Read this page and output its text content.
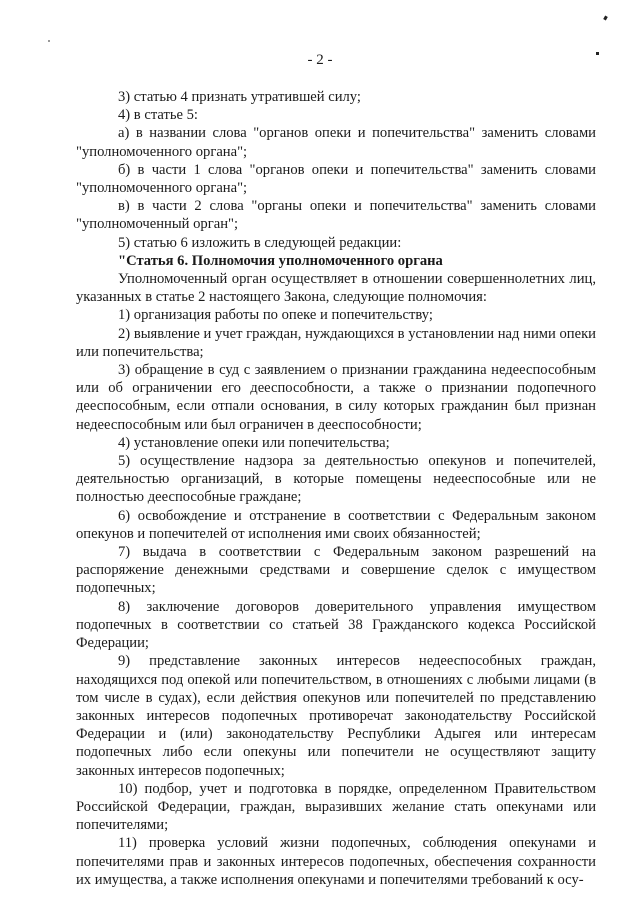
- 2 -

3) статью 4 признать утратившей силу;

4) в статье 5:

а) в названии слова "органов опеки и попечительства" заменить словами "уполномоченного органа";

б) в части 1 слова "органов опеки и попечительства" заменить словами "уполномоченного органа";

в) в части 2 слова "органы опеки и попечительства" заменить словами "уполномоченный орган";

5) статью 6 изложить в следующей редакции:

"Статья 6. Полномочия уполномоченного органа

Уполномоченный орган осуществляет в отношении совершеннолетних лиц, указанных в статье 2 настоящего Закона, следующие полномочия:

1) организация работы по опеке и попечительству;

2) выявление и учет граждан, нуждающихся в установлении над ними опеки или попечительства;

3) обращение в суд с заявлением о признании гражданина недееспособным или об ограничении его дееспособности, а также о признании подопечного дееспособным, если отпали основания, в силу которых гражданин был признан недееспособным или был ограничен в дееспособности;

4) установление опеки или попечительства;

5) осуществление надзора за деятельностью опекунов и попечителей, деятельностью организаций, в которые помещены недееспособные или не полностью дееспособные граждане;

6) освобождение и отстранение в соответствии с Федеральным законом опекунов и попечителей от исполнения ими своих обязанностей;

7) выдача в соответствии с Федеральным законом разрешений на распоряжение денежными средствами и совершение сделок с имуществом подопечных;

8) заключение договоров доверительного управления имуществом подопечных в соответствии со статьей 38 Гражданского кодекса Российской Федерации;

9) представление законных интересов недееспособных граждан, находящихся под опекой или попечительством, в отношениях с любыми лицами (в том числе в судах), если действия опекунов или попечителей по представлению законных интересов подопечных противоречат законодательству Российской Федерации и (или) законодательству Республики Адыгея или интересам подопечных либо если опекуны или попечители не осуществляют защиту законных интересов подопечных;

10) подбор, учет и подготовка в порядке, определенном Правительством Российской Федерации, граждан, выразивших желание стать опекунами или попечителями;

11) проверка условий жизни подопечных, соблюдения опекунами и попечителями прав и законных интересов подопечных, обеспечения сохранности их имущества, а также исполнения опекунами и попечителями требований к осу-
